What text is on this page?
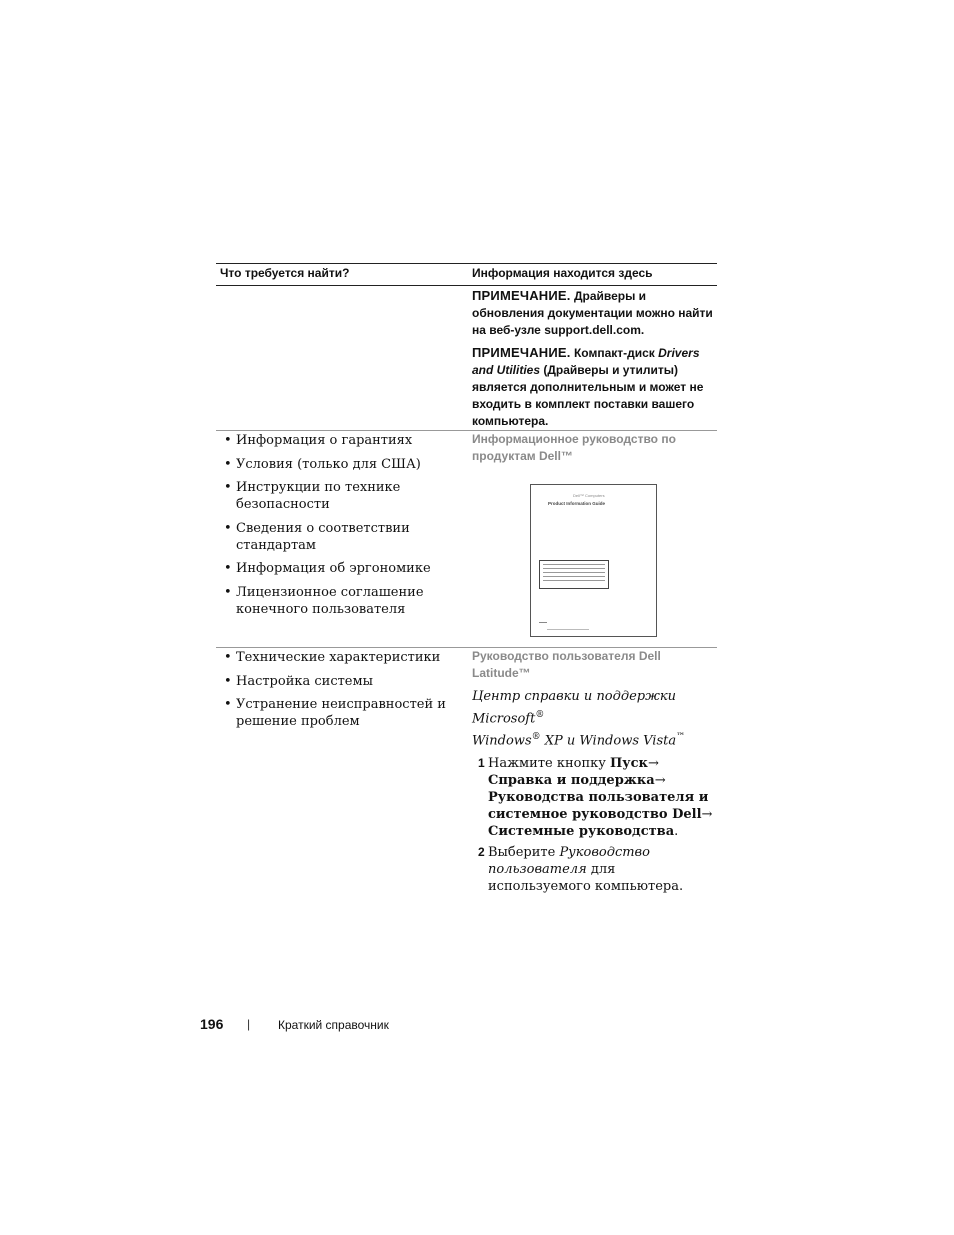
Что требуется найти?	Информация находится здесь

ПРИМЕЧАНИЕ. Драйверы и обновления документации можно найти на веб-узле support.dell.com.

ПРИМЕЧАНИЕ. Компакт-диск Drivers and Utilities (Драйверы и утилиты) является дополнительным и может не входить в комплект поставки вашего компьютера.

• Информация о гарантиях
• Условия (только для США)
• Инструкции по технике безопасности
• Сведения о соответствии стандартам
• Информация об эргономике
• Лицензионное соглашение конечного пользователя

Информационное руководство по продуктам Dell™

Dell™ Computers
Product Information Guide
• Технические характеристики
• Настройка системы
• Устранение неисправностей и решение проблем

Руководство пользователя Dell Latitude™

Центр справки и поддержки Microsoft®
Windows® XP и Windows Vista™
1 Нажмите кнопку Пуск→ Справка и поддержка→ Руководства пользователя и системное руководство Dell→ Системные руководства.
2 Выберите Руководство пользователя для используемого компьютера.
196 | Краткий справочник
